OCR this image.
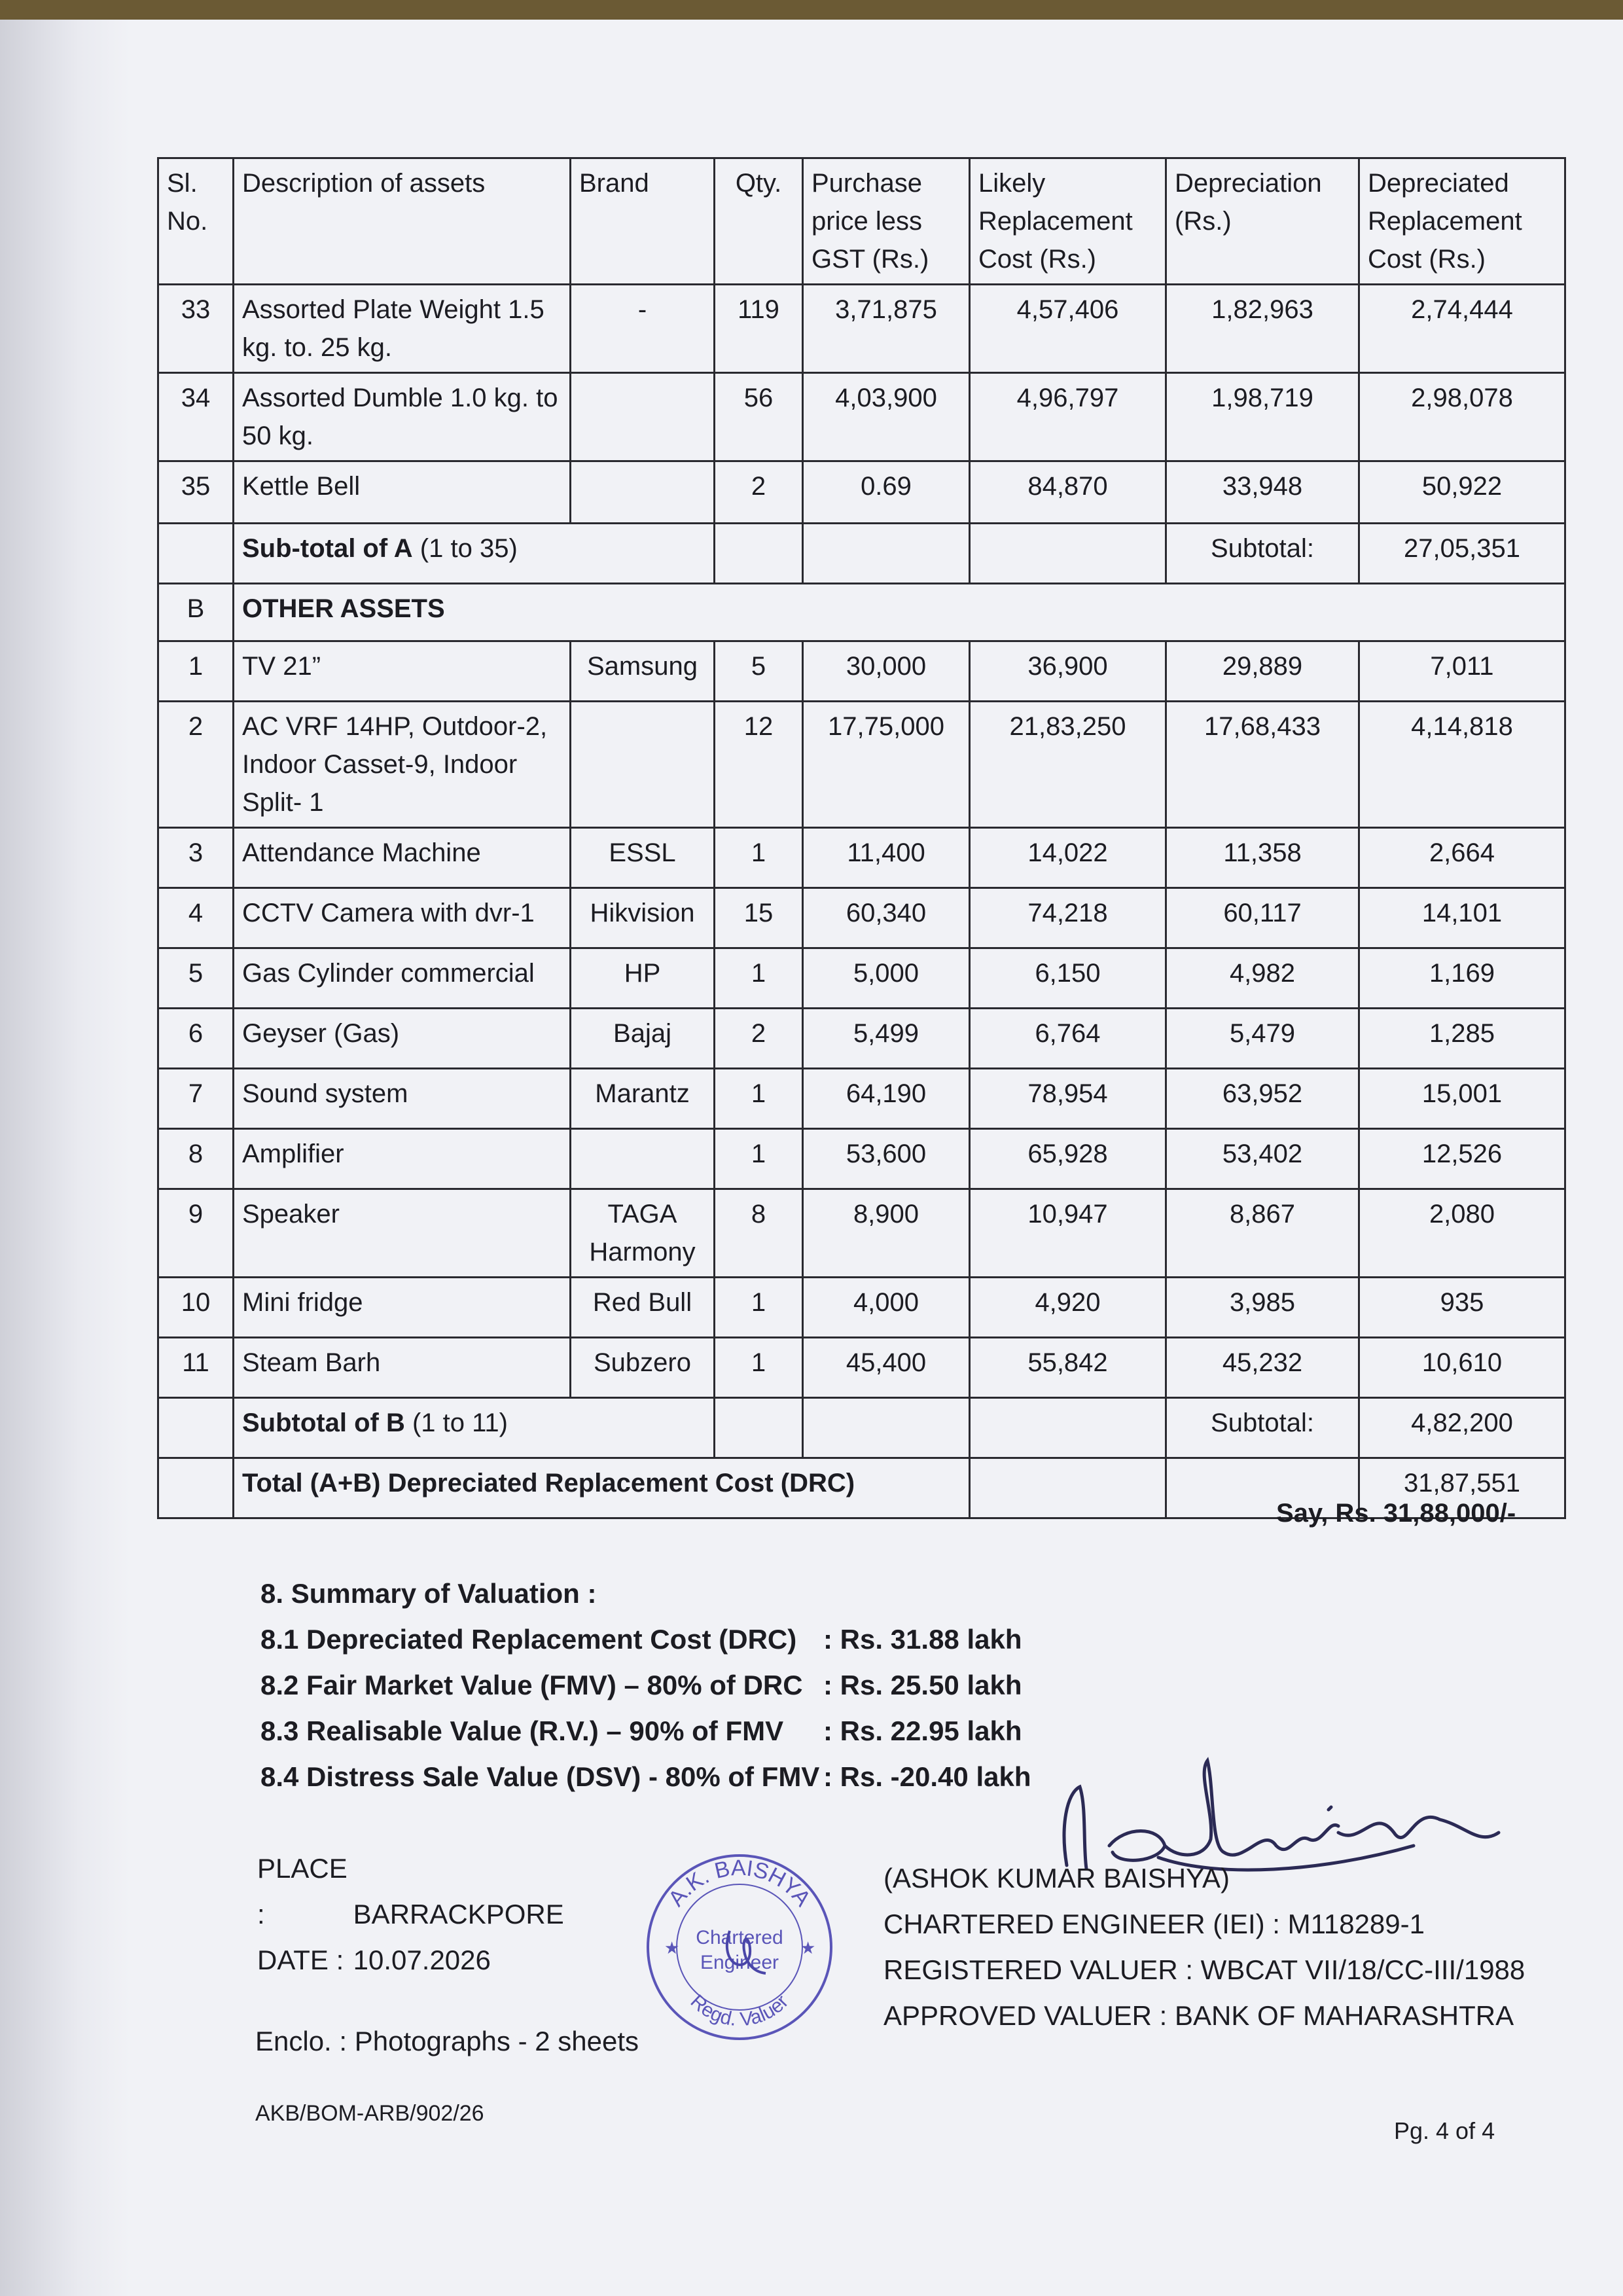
Sl. No.	Description of assets	Brand	Qty.	Purchase price less GST (Rs.)	Likely Replacement Cost (Rs.)	Depreciation (Rs.)	Depreciated Replacement Cost (Rs.)
33	Assorted Plate Weight 1.5 kg. to. 25 kg.	-	119	3,71,875	4,57,406	1,82,963	2,74,444
34	Assorted Dumble 1.0 kg. to 50 kg.		56	4,03,900	4,96,797	1,98,719	2,98,078
35	Kettle Bell		2	0.69	84,870	33,948	50,922
	Sub-total of A (1 to 35)					Subtotal:	27,05,351
B	OTHER ASSETS						
1	TV 21”	Samsung	5	30,000	36,900	29,889	7,011
2	AC VRF 14HP, Outdoor-2, Indoor Casset-9, Indoor Split- 1		12	17,75,000	21,83,250	17,68,433	4,14,818
3	Attendance Machine	ESSL	1	11,400	14,022	11,358	2,664
4	CCTV Camera with dvr-1	Hikvision	15	60,340	74,218	60,117	14,101
5	Gas Cylinder commercial	HP	1	5,000	6,150	4,982	1,169
6	Geyser (Gas)	Bajaj	2	5,499	6,764	5,479	1,285
7	Sound system	Marantz	1	64,190	78,954	63,952	15,001
8	Amplifier		1	53,600	65,928	53,402	12,526
9	Speaker	TAGA Harmony	8	8,900	10,947	8,867	2,080
10	Mini fridge	Red Bull	1	4,000	4,920	3,985	935
11	Steam Barh	Subzero	1	45,400	55,842	45,232	10,610
	Subtotal of B (1 to 11)					Subtotal:	4,82,200
	Total (A+B) Depreciated Replacement Cost (DRC)						31,87,551
Say, Rs. 31,88,000/-
8. Summary of Valuation :
8.1 Depreciated Replacement Cost (DRC) : Rs. 31.88 lakh
8.2 Fair Market Value (FMV) – 80% of DRC : Rs. 25.50 lakh
8.3 Realisable Value (R.V.) – 90% of FMV : Rs. 22.95 lakh
8.4 Distress Sale Value (DSV) - 80% of FMV : Rs. -20.40 lakh
PLACE :	BARRACKPORE
DATE : 10.07.2026
A.K. BAISHYA
Regd. Valuer
Chartered
Engineer
★	★
(ASHOK KUMAR BAISHYA)
CHARTERED ENGINEER (IEI) : M118289-1
REGISTERED VALUER : WBCAT VII/18/CC-III/1988
APPROVED VALUER : BANK OF MAHARASHTRA
Enclo. : Photographs - 2 sheets
AKB/BOM-ARB/902/26
Pg. 4 of 4
